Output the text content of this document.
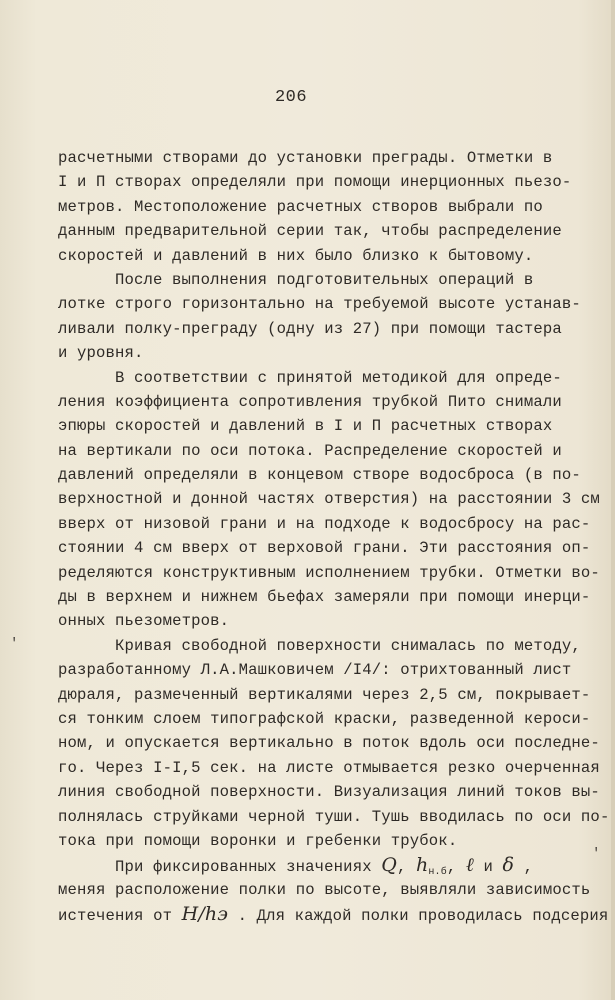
206
расчетными створами до установки преграды. Отметки в
I и П створах определяли при помощи инерционных пьезо-
метров. Местоположение расчетных створов выбрали по
данным предварительной серии так, чтобы распределение
скоростей и давлений в них было близко к бытовому.
После выполнения подготовительных операций в
лотке строго горизонтально на требуемой высоте устанав-
ливали полку-преграду (одну из 27) при помощи тастера
и уровня.
В соответствии с принятой методикой для опреде-
ления коэффициента сопротивления трубкой Пито снимали
эпюры скоростей и давлений в I и П расчетных створах
на вертикали по оси потока. Распределение скоростей и
давлений определяли в концевом створе водосброса (в по-
верхностной и донной частях отверстия) на расстоянии 3 см
вверх от низовой грани и на подходе к водосбросу на рас-
стоянии 4 см вверх от верховой грани. Эти расстояния оп-
ределяются конструктивным исполнением трубки. Отметки во-
ды в верхнем и нижнем бьефах замеряли при помощи инерци-
онных пьезометров.
Кривая свободной поверхности снималась по методу,
разработанному Л.А.Машковичем /I4/: отрихтованный лист
дюраля, размеченный вертикалями через 2,5 см, покрывает-
ся тонким слоем типографской краски, разведенной кероси-
ном, и опускается вертикально в поток вдоль оси последне-
го. Через I-I,5 сек. на листе отмывается резко очерченная
линия свободной поверхности. Визуализация линий токов вы-
полнялась струйками черной туши. Тушь вводилась по оси по-
тока при помощи воронки и гребенки трубок.
При фиксированных значениях Q, $h_{н.б}$, ℓ и δ ,
меняя расположение полки по высоте, выявляли зависимость
истечения от H/hэ . Для каждой полки проводилась подсерия
'
'
